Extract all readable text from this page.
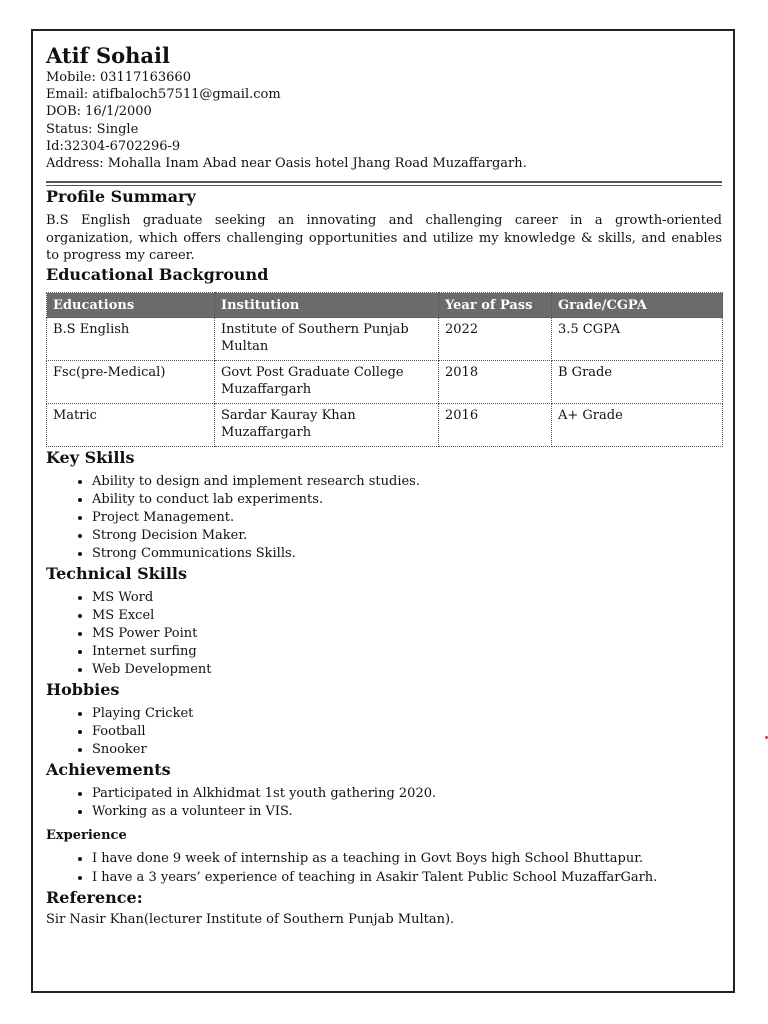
Atif Sohail

Mobile: 03117163660

Email: atifbaloch57511@gmail.com

DOB: 16/1/2000

Status: Single

Id:32304-6702296-9

Address: Mohalla Inam Abad near Oasis hotel Jhang Road Muzaffargarh.

Profile Summary

B.S English graduate seeking an innovating and challenging career in a growth-oriented organization, which offers challenging opportunities and utilize my knowledge & skills, and enables to progress my career.

Educational Background
Educations	Institution	Year of Pass	Grade/CGPA
B.S English	Institute of Southern Punjab Multan	2022	3.5 CGPA
Fsc(pre-Medical)	Govt Post Graduate College Muzaffargarh	2018	B Grade
Matric	Sardar Kauray Khan Muzaffargarh	2016	A+ Grade
Key Skills
• Ability to design and implement research studies.
• Ability to conduct lab experiments.
• Project Management.
• Strong Decision Maker.
• Strong Communications Skills.
Technical Skills
• MS Word
• MS Excel
• MS Power Point
• Internet surfing
• Web Development
Hobbies
• Playing Cricket
• Football
• Snooker
Achievements
• Participated in Alkhidmat 1st youth gathering 2020.
• Working as a volunteer in VIS.

Experience

• I have done 9 week of internship as a teaching in Govt Boys high School Bhuttapur.
• I have a 3 years’ experience of teaching in Asakir Talent Public School MuzaffarGarh.
Reference:

Sir Nasir Khan(lecturer Institute of Southern Punjab Multan).
